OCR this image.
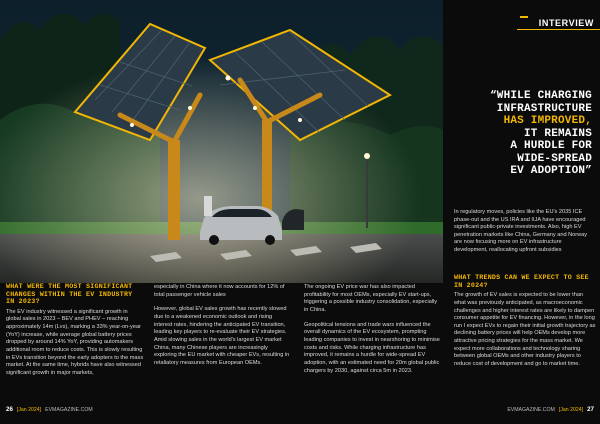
INTERVIEW
“WHILE CHARGING
INFRASTRUCTURE
HAS IMPROVED,
IT REMAINS
A HURDLE FOR
WIDE-SPREAD
EV ADOPTION”
In regulatory moves, policies like the EU's 2035 ICE phase-out and the US IRA and IIJA have encouraged significant public-private investments. Also, high EV penetration markets like China, Germany and Norway are now focusing more on EV infrastructure development, reallocating upfront subsidies
WHAT WERE THE MOST SIGNIFICANT CHANGES WITHIN THE EV INDUSTRY IN 2023?

The EV industry witnessed a significant growth in global sales in 2023 – BEV and PHEV – reaching approximately 14m (Lvs), marking a 33% year-on-year (YoY) increase, while average global battery prices dropped by around 14% YoY, providing automakers additional room to reduce costs. This is slowly resulting in EVs transition beyond the early adopters to the mass market. At the same time, hybrids have also witnessed significant growth in major markets,

especially in China where it now accounts for 12% of total passenger vehicle sales

However, global EV sales growth has recently slowed due to a weakened economic outlook and rising interest rates, hindering the anticipated EV transition, leading key players to re-evaluate their EV strategies. Amid slowing sales in the world's largest EV market China, many Chinese players are increasingly exploring the EU market with cheaper EVs, resulting in retaliatory measures from European OEMs.

The ongoing EV price war has also impacted profitability for most OEMs, especially EV start-ups, triggering a possible industry consolidation, especially in China.

Geopolitical tensions and trade wars influenced the overall dynamics of the EV ecosystem, prompting leading companies to invest in nearshoring to minimise costs and risks. While charging infrastructure has improved, it remains a hurdle for wide-spread EV adoption, with an estimated need for 20m global public chargers by 2030, against circa 5m in 2023.

WHAT TRENDS CAN WE EXPECT TO SEE IN 2024?

The growth of EV sales is expected to be lower than what was previously anticipated, as macroeconomic challenges and higher interest rates are likely to dampen consumer appetite for EV financing. However, in the long run I expect EVs to regain their initial growth trajectory as declining battery prices will help OEMs develop more attractive pricing strategies for the mass market. We expect more collaborations and technology sharing between global OEMs and other industry players to reduce cost of development and go to market time.

26 [Jan 2024] EVMAGAZINE.COM	EVMAGAZINE.COM [Jan 2024] 27
